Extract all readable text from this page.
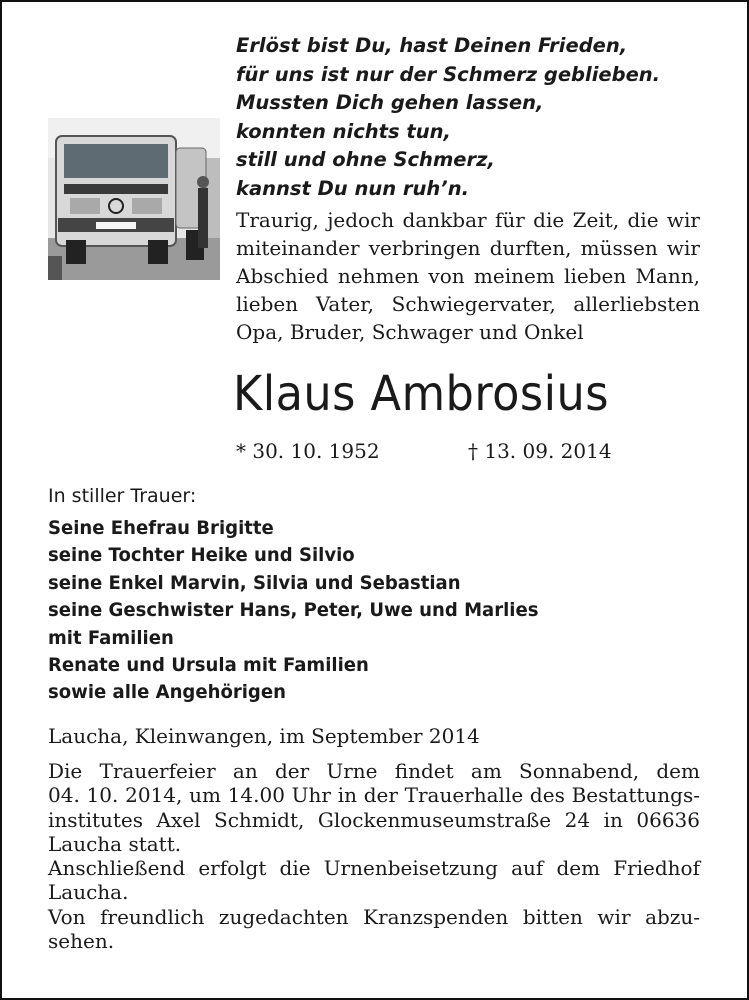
Erlöst bist Du, hast Deinen Frieden,
für uns ist nur der Schmerz geblieben.
Mussten Dich gehen lassen,
konnten nichts tun,
still und ohne Schmerz,
kannst Du nun ruh’n.
Traurig, jedoch dankbar für die Zeit, die wir
miteinander verbringen durften, müssen wir
Abschied nehmen von meinem lieben Mann,
lieben Vater, Schwiegervater, allerliebsten
Opa, Bruder, Schwager und Onkel
Klaus Ambrosius
* 30. 10. 1952	† 13. 09. 2014
In stiller Trauer:
Seine Ehefrau Brigitte
seine Tochter Heike und Silvio
seine Enkel Marvin, Silvia und Sebastian
seine Geschwister Hans, Peter, Uwe und Marlies
mit Familien
Renate und Ursula mit Familien
sowie alle Angehörigen
Laucha, Kleinwangen, im September 2014
Die Trauerfeier an der Urne findet am Sonnabend, dem
04. 10. 2014, um 14.00 Uhr in der Trauerhalle des Bestattungs-
institutes Axel Schmidt, Glockenmuseumstraße 24 in 06636
Laucha statt.
Anschließend erfolgt die Urnenbeisetzung auf dem Friedhof
Laucha.
Von freundlich zugedachten Kranzspenden bitten wir abzu-
sehen.
